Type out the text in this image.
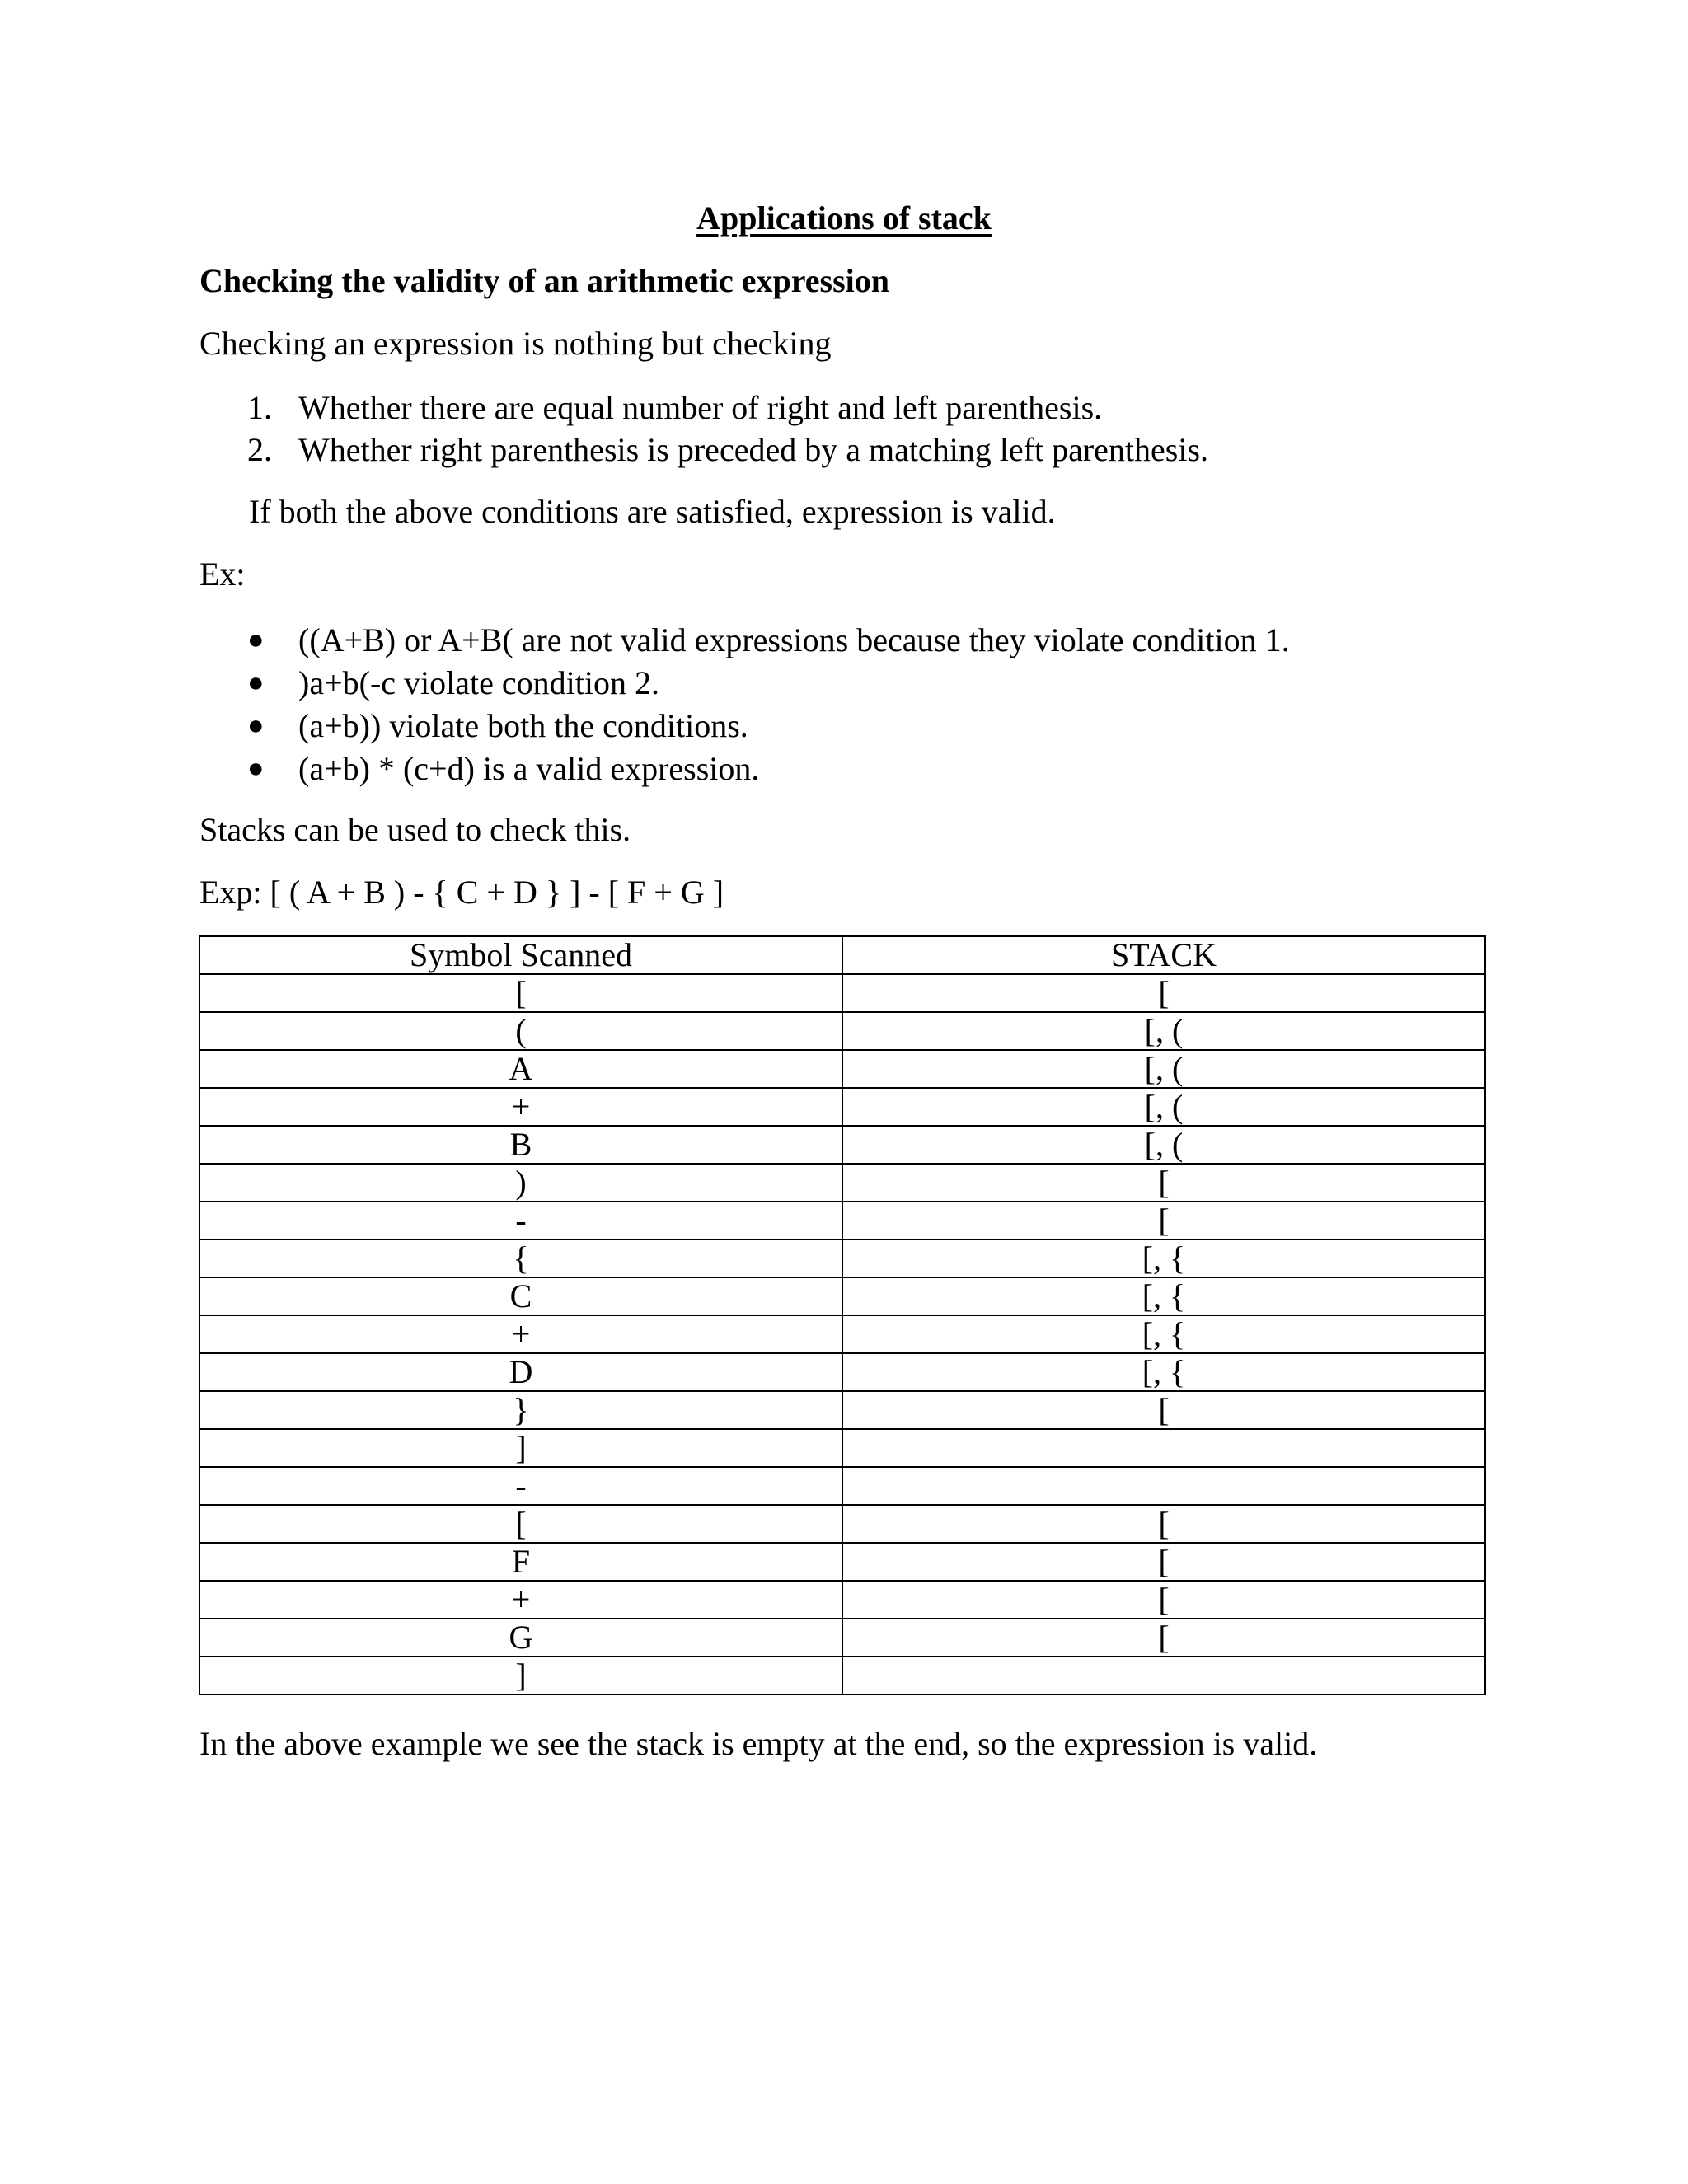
Applications of stack
Checking the validity of an arithmetic expression
Checking an expression is nothing but checking
1. Whether there are equal number of right and left parenthesis.
2. Whether right parenthesis is preceded by a matching left parenthesis.
If both the above conditions are satisfied, expression is valid.
Ex:
● ((A+B) or A+B( are not valid expressions because they violate condition 1.
● )a+b(-c violate condition 2.
● (a+b)) violate both the conditions.
● (a+b) * (c+d) is a valid expression.
Stacks can be used to check this.
Exp: [ ( A + B ) - { C + D } ] - [ F + G ]
Symbol Scanned	STACK
[	[
(	[, (
A	[, (
+	[, (
B	[, (
)	[
-	[
{	[, {
C	[, {
+	[, {
D	[, {
}	[
]	
-	
[	[
F	[
+	[
G	[
]	
In the above example we see the stack is empty at the end, so the expression is valid.
